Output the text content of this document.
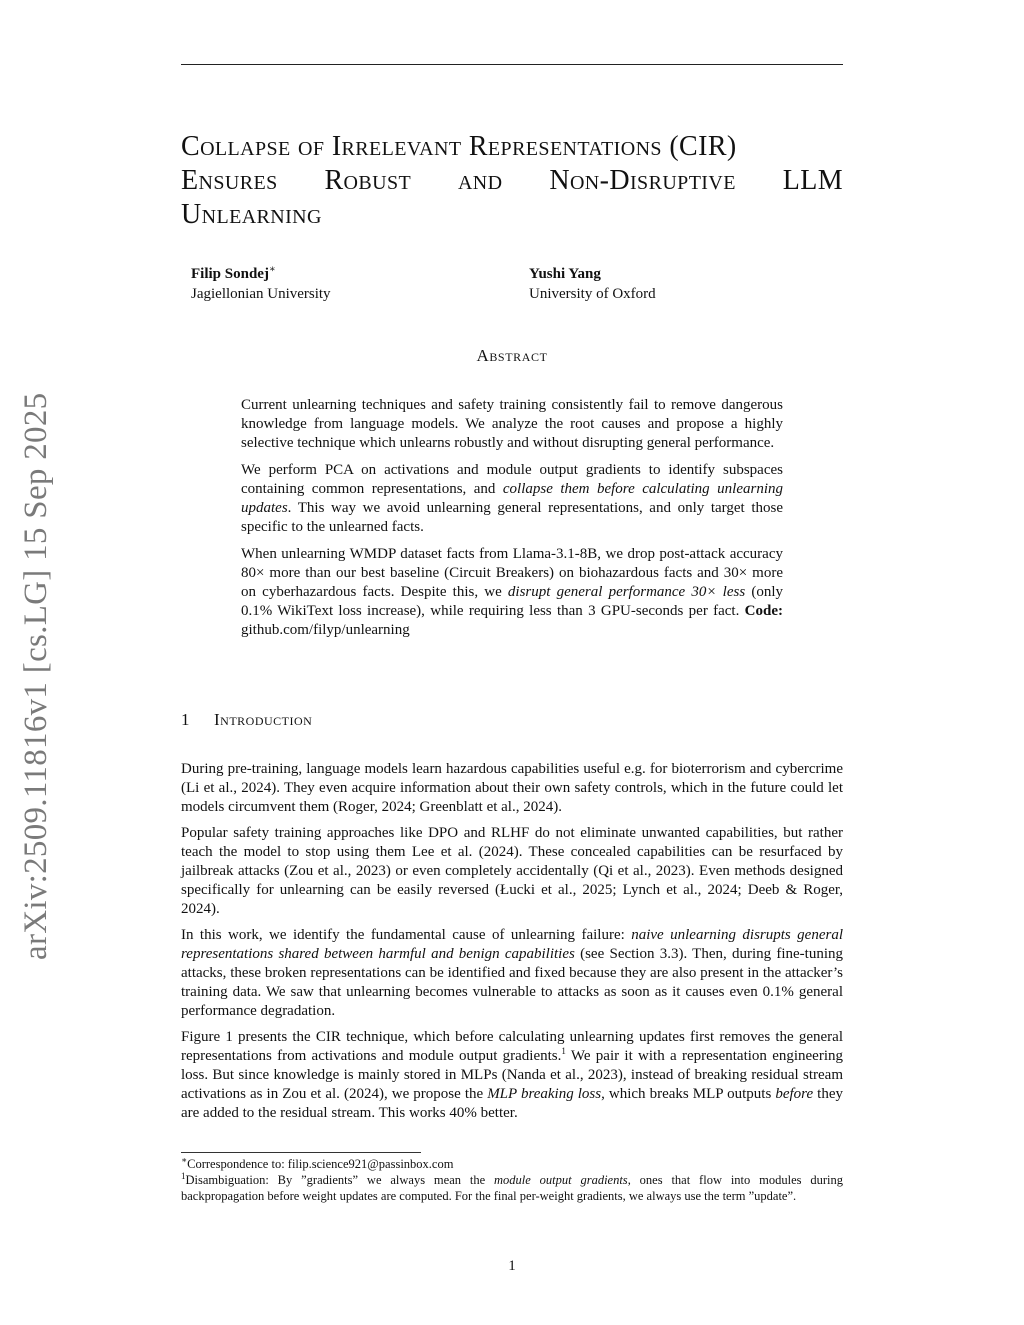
arXiv:2509.11816v1 [cs.LG] 15 Sep 2025
Collapse of Irrelevant Representations (CIR)
Ensures Robust and Non-Disruptive LLM
Unlearning
Filip Sondej∗
Jagiellonian University
Yushi Yang
University of Oxford
Abstract

Current unlearning techniques and safety training consistently fail to remove dangerous knowledge from language models. We analyze the root causes and propose a highly selective technique which unlearns robustly and without disrupting general performance.

We perform PCA on activations and module output gradients to identify subspaces containing common representations, and collapse them before calculating unlearning updates. This way we avoid unlearning general representations, and only target those specific to the unlearned facts.

When unlearning WMDP dataset facts from Llama-3.1-8B, we drop post-attack accuracy 80× more than our best baseline (Circuit Breakers) on biohazardous facts and 30× more on cyberhazardous facts. Despite this, we disrupt general performance 30× less (only 0.1% WikiText loss increase), while requiring less than 3 GPU-seconds per fact. Code: github.com/filyp/unlearning

1 Introduction

During pre-training, language models learn hazardous capabilities useful e.g. for bioterrorism and cybercrime (Li et al., 2024). They even acquire information about their own safety controls, which in the future could let models circumvent them (Roger, 2024; Greenblatt et al., 2024).

Popular safety training approaches like DPO and RLHF do not eliminate unwanted capabilities, but rather teach the model to stop using them Lee et al. (2024). These concealed capabilities can be resurfaced by jailbreak attacks (Zou et al., 2023) or even completely accidentally (Qi et al., 2023). Even methods designed specifically for unlearning can be easily reversed (Łucki et al., 2025; Lynch et al., 2024; Deeb & Roger, 2024).

In this work, we identify the fundamental cause of unlearning failure: naive unlearning disrupts general representations shared between harmful and benign capabilities (see Section 3.3). Then, during fine-tuning attacks, these broken representations can be identified and fixed because they are also present in the attacker’s training data. We saw that unlearning becomes vulnerable to attacks as soon as it causes even 0.1% general performance degradation.

Figure 1 presents the CIR technique, which before calculating unlearning updates first removes the general representations from activations and module output gradients.$^1$ We pair it with a representation engineering loss. But since knowledge is mainly stored in MLPs (Nanda et al., 2023), instead of breaking residual stream activations as in Zou et al. (2024), we propose the MLP breaking loss, which breaks MLP outputs before they are added to the residual stream. This works 40% better.

∗Correspondence to: filip.science921@passinbox.com

$^1$Disambiguation: By ”gradients” we always mean the module output gradients, ones that flow into modules during backpropagation before weight updates are computed. For the final per-weight gradients, we always use the term ”update”.

1
